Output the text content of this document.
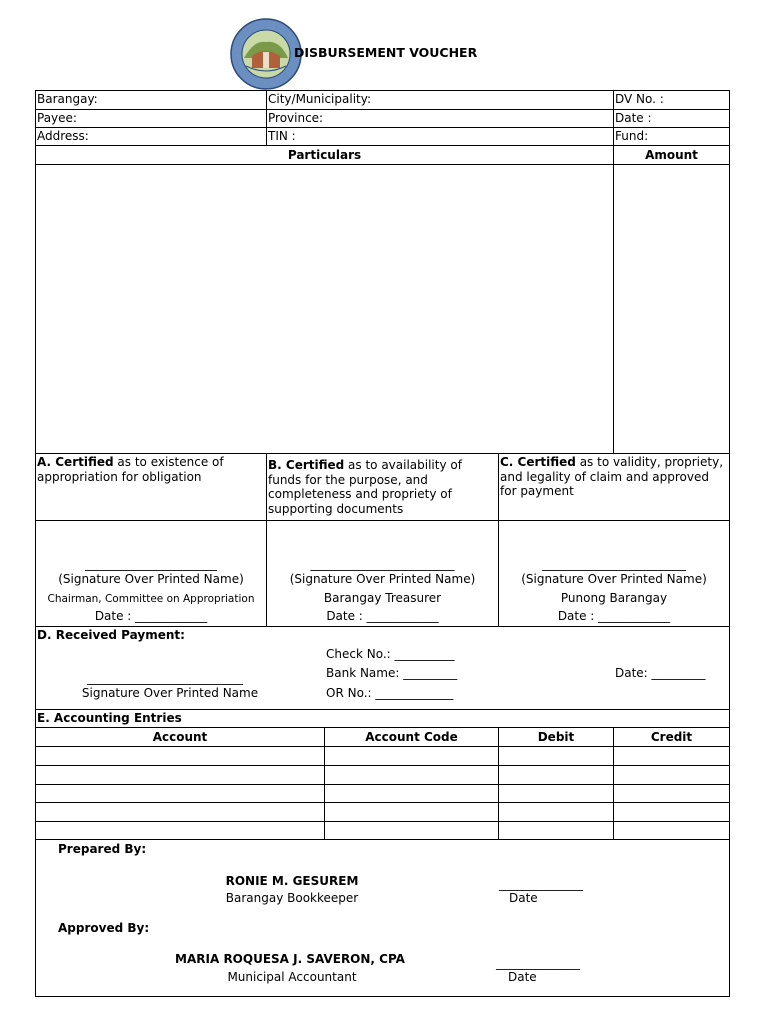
DISBURSEMENT VOUCHER
Barangay:	City/Municipality:	DV No. :
Payee:	Province:	Date :
Address:	TIN :	Fund:
Particulars	Amount
A. Certified as to existence of appropriation for obligation
B. Certified as to availability of funds for the purpose, and completeness and propriety of supporting documents
C. Certified as to validity, propriety, and legality of claim and approved for payment
______________________
(Signature Over Printed Name)
Chairman, Committee on Appropriation
Date : ____________
________________________
(Signature Over Printed Name)
Barangay Treasurer
Date : ____________
________________________
(Signature Over Printed Name)
Punong Barangay
Date : ____________
D. Received Payment:
Check No.: __________
Bank Name: _________
OR No.: _____________
Date: _________
__________________________
Signature Over Printed Name
E. Accounting Entries
Account	Account Code	Debit	Credit
Prepared By:
RONIE M. GESUREM
Barangay Bookkeeper
______________
Date
Approved By:
MARIA ROQUESA J. SAVERON, CPA
Municipal Accountant
______________
Date
